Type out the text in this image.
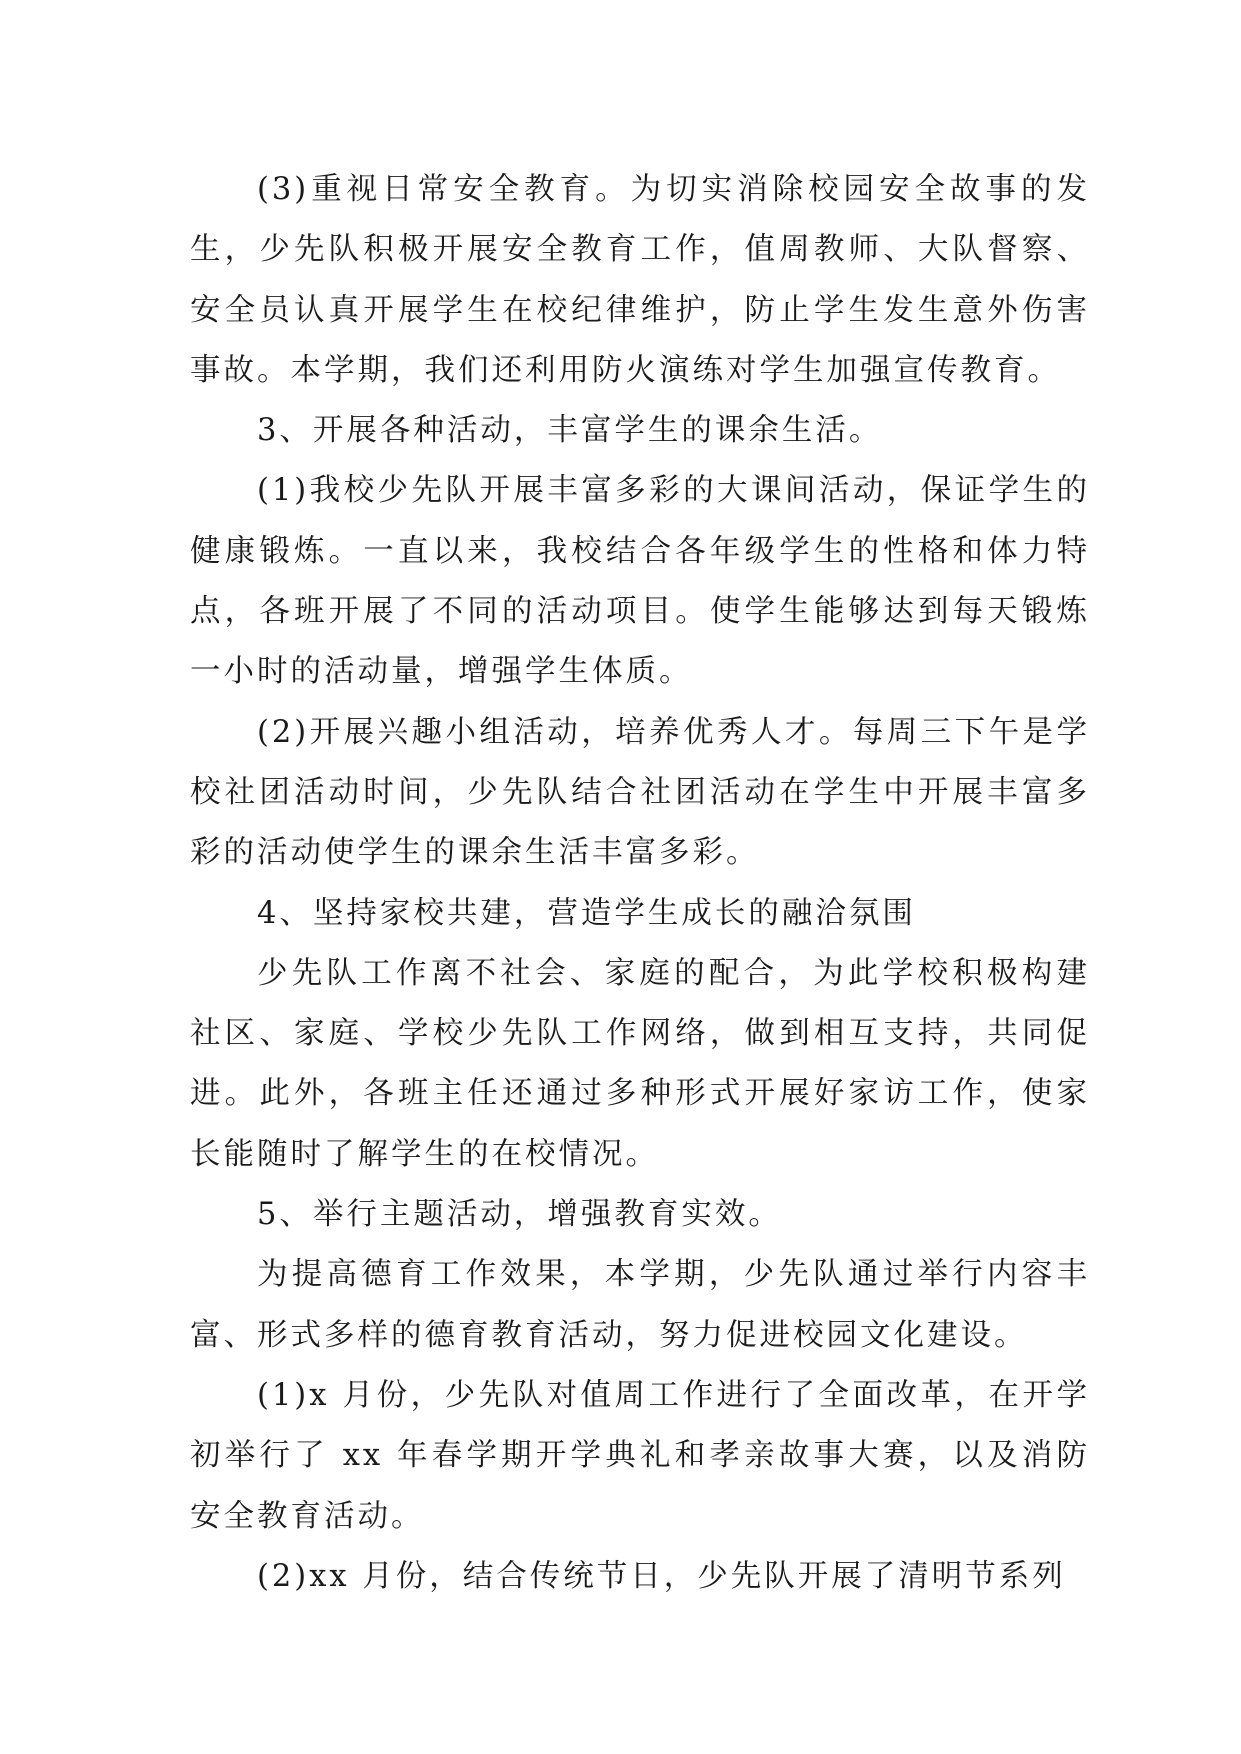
(3)重视日常安全教育。为切实消除校园安全故事的发生，少先队积极开展安全教育工作，值周教师、大队督察、安全员认真开展学生在校纪律维护，防止学生发生意外伤害事故。本学期，我们还利用防火演练对学生加强宣传教育。

3、开展各种活动，丰富学生的课余生活。

(1)我校少先队开展丰富多彩的大课间活动，保证学生的健康锻炼。一直以来，我校结合各年级学生的性格和体力特点，各班开展了不同的活动项目。使学生能够达到每天锻炼一小时的活动量，增强学生体质。

(2)开展兴趣小组活动，培养优秀人才。每周三下午是学校社团活动时间，少先队结合社团活动在学生中开展丰富多彩的活动使学生的课余生活丰富多彩。

4、坚持家校共建，营造学生成长的融洽氛围

少先队工作离不社会、家庭的配合，为此学校积极构建社区、家庭、学校少先队工作网络，做到相互支持，共同促进。此外，各班主任还通过多种形式开展好家访工作，使家长能随时了解学生的在校情况。

5、举行主题活动，增强教育实效。

为提高德育工作效果，本学期，少先队通过举行内容丰富、形式多样的德育教育活动，努力促进校园文化建设。

(1)x 月份，少先队对值周工作进行了全面改革，在开学初举行了 xx 年春学期开学典礼和孝亲故事大赛，以及消防安全教育活动。

(2)xx 月份，结合传统节日，少先队开展了清明节系列
